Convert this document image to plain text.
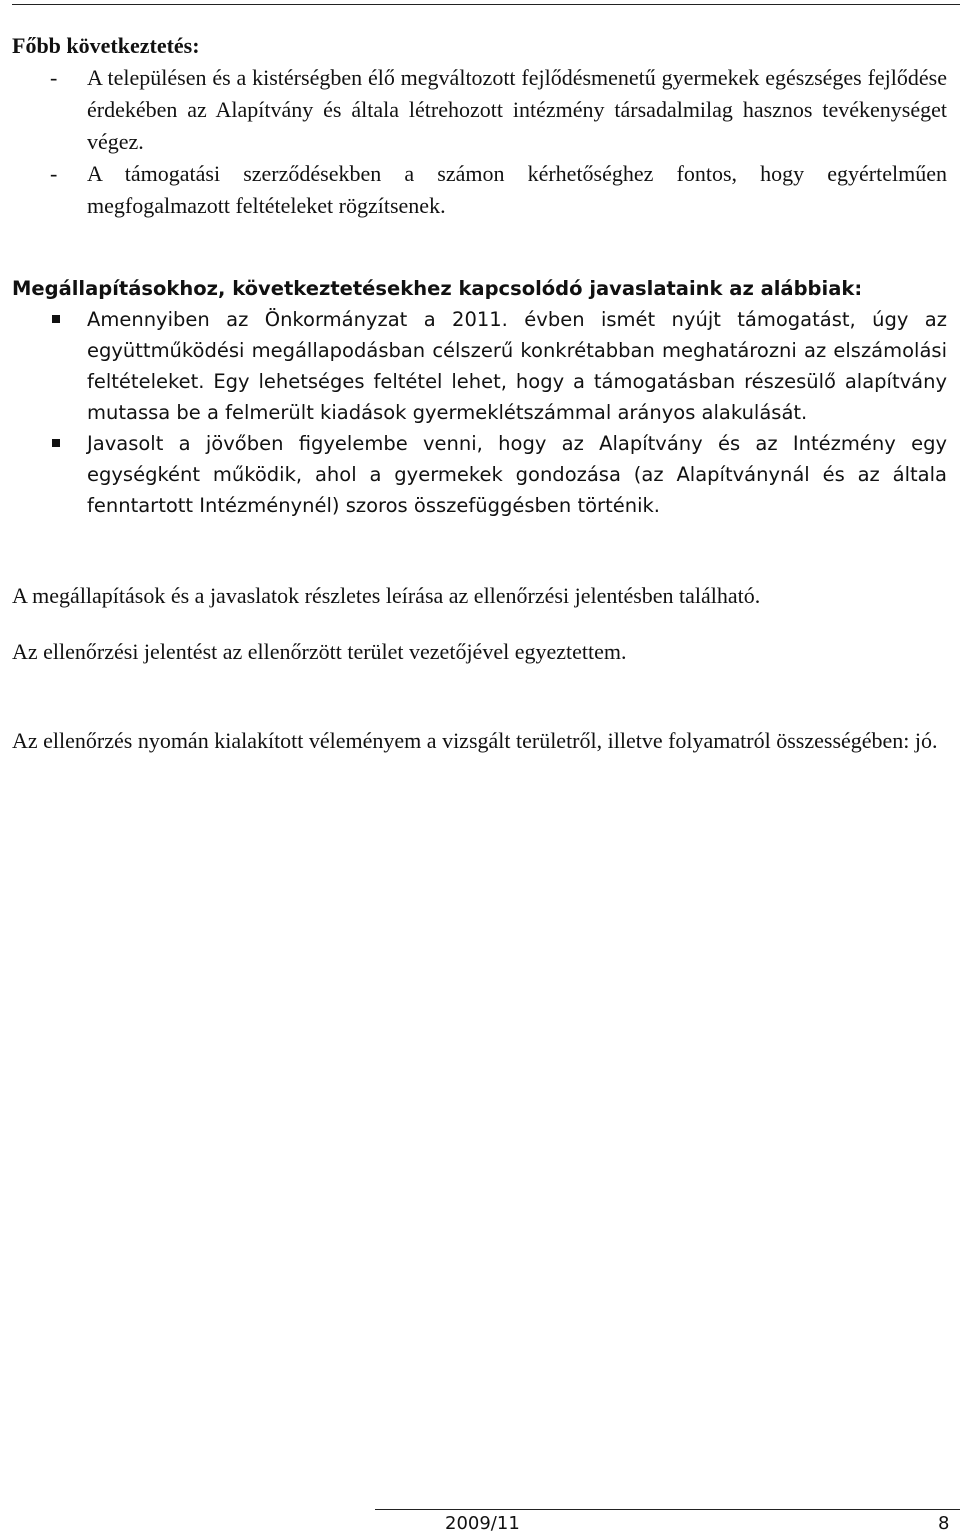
Főbb következtetés:

- A településen és a kistérségben élő megváltozott fejlődésmenetű gyermekek egészséges fejlődése érdekében az Alapítvány és általa létrehozott intézmény társadalmilag hasznos tevékenységet végez.
- A támogatási szerződésekben a számon kérhetőséghez fontos, hogy egyértelműen megfogalmazott feltételeket rögzítsenek.

Megállapításokhoz, következtetésekhez kapcsolódó javaslataink az alábbiak:

Amennyiben az Önkormányzat a 2011. évben ismét nyújt támogatást, úgy az együttműködési megállapodásban célszerű konkrétabban meghatározni az elszámolási feltételeket. Egy lehetséges feltétel lehet, hogy a támogatásban részesülő alapítvány mutassa be a felmerült kiadások gyermeklétszámmal arányos alakulását.
Javasolt a jövőben figyelembe venni, hogy az Alapítvány és az Intézmény egy egységként működik, ahol a gyermekek gondozása (az Alapítványnál és az általa fenntartott Intézménynél) szoros összefüggésben történik.

A megállapítások és a javaslatok részletes leírása az ellenőrzési jelentésben található.

Az ellenőrzési jelentést az ellenőrzött terület vezetőjével egyeztettem.

Az ellenőrzés nyomán kialakított véleményem a vizsgált területről, illetve folyamatról összességében: jó.

2009/11	8
